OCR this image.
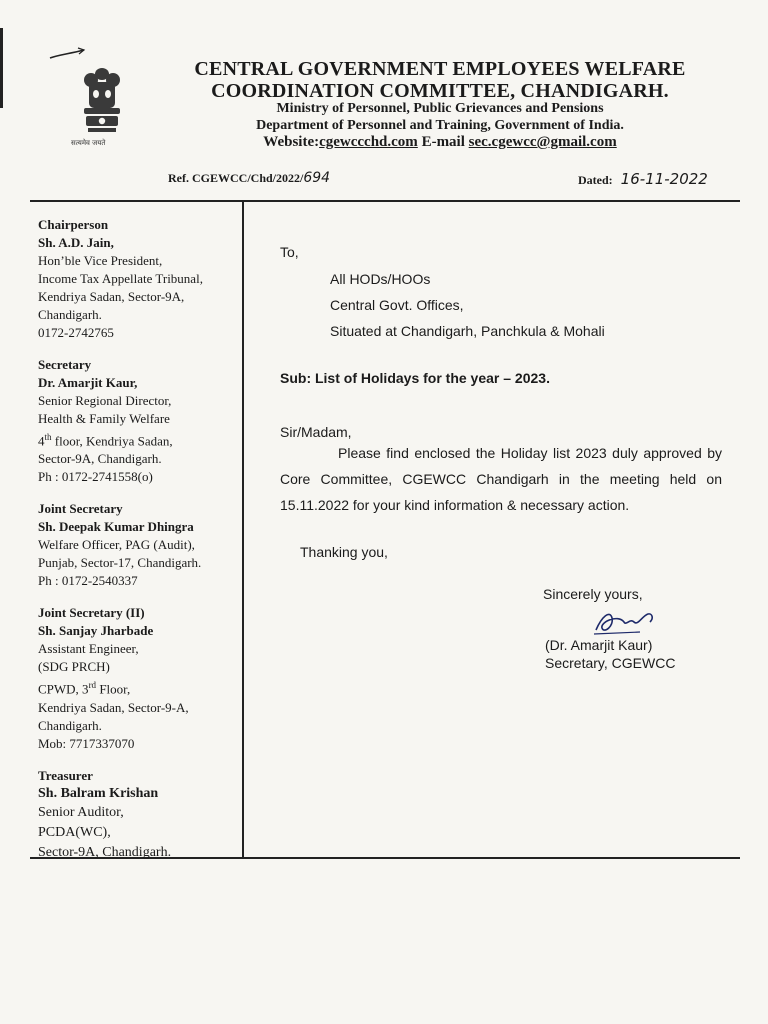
सत्यमेव जयते
CENTRAL GOVERNMENT EMPLOYEES WELFARE
COORDINATION COMMITTEE, CHANDIGARH.
Ministry of Personnel, Public Grievances and Pensions
Department of Personnel and Training, Government of India.
Website:cgewccchd.com E-mail sec.cgewcc@gmail.com
Ref. CGEWCC/Chd/2022/694	Dated: 16-11-2022
Chairperson
Sh. A.D. Jain,
Hon’ble Vice President,
Income Tax Appellate Tribunal,
Kendriya Sadan, Sector-9A,
Chandigarh.
0172-2742765
Secretary
Dr. Amarjit Kaur,
Senior Regional Director,
Health & Family Welfare
4th floor, Kendriya Sadan,
Sector-9A, Chandigarh.
Ph : 0172-2741558(o)
Joint Secretary
Sh. Deepak Kumar Dhingra
Welfare Officer, PAG (Audit),
Punjab, Sector-17, Chandigarh.
Ph : 0172-2540337
Joint Secretary (II)
Sh. Sanjay Jharbade
Assistant Engineer,
(SDG PRCH)
CPWD, 3rd Floor,
Kendriya Sadan, Sector-9-A,
Chandigarh.
Mob: 7717337070
Treasurer
Sh. Balram Krishan
Senior Auditor,
PCDA(WC),
Sector-9A, Chandigarh.
To,
All HODs/HOOs
Central Govt. Offices,
Situated at Chandigarh, Panchkula & Mohali
Sub: List of Holidays for the year – 2023.
Sir/Madam,
Please find enclosed the Holiday list 2023 duly approved by Core Committee, CGEWCC Chandigarh in the meeting held on 15.11.2022 for your kind information & necessary action.
Thanking you,
Sincerely yours,
(Dr. Amarjit Kaur)
Secretary, CGEWCC
